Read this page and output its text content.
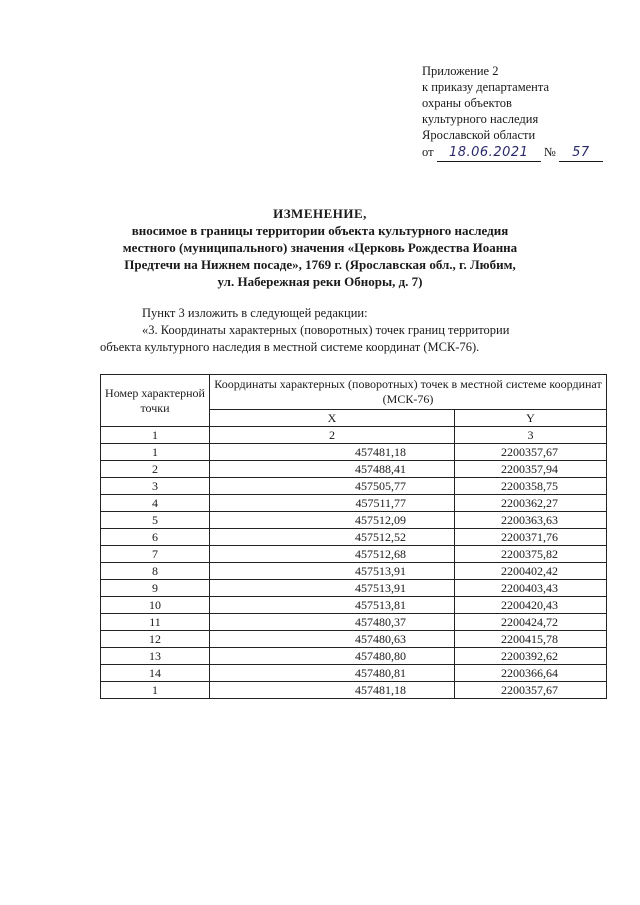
Приложение 2
к приказу департамента
охраны объектов
культурного наследия
Ярославской области
от 18.06.2021 № 57
ИЗМЕНЕНИЕ,
вносимое в границы территории объекта культурного наследия
местного (муниципального) значения «Церковь Рождества Иоанна
Предтечи на Нижнем посаде», 1769 г. (Ярославская обл., г. Любим,
ул. Набережная реки Обноры, д. 7)
Пункт 3 изложить в следующей редакции:
«3. Координаты характерных (поворотных) точек границ территории
объекта культурного наследия в местной системе координат (МСК-76).
Номер характерной точки	Координаты характерных (поворотных) точек в местной системе координат (МСК-76)	
	X	Y
1	2	3
1	457481,18	2200357,67
2	457488,41	2200357,94
3	457505,77	2200358,75
4	457511,77	2200362,27
5	457512,09	2200363,63
6	457512,52	2200371,76
7	457512,68	2200375,82
8	457513,91	2200402,42
9	457513,91	2200403,43
10	457513,81	2200420,43
11	457480,37	2200424,72
12	457480,63	2200415,78
13	457480,80	2200392,62
14	457480,81	2200366,64
1	457481,18	2200357,67
